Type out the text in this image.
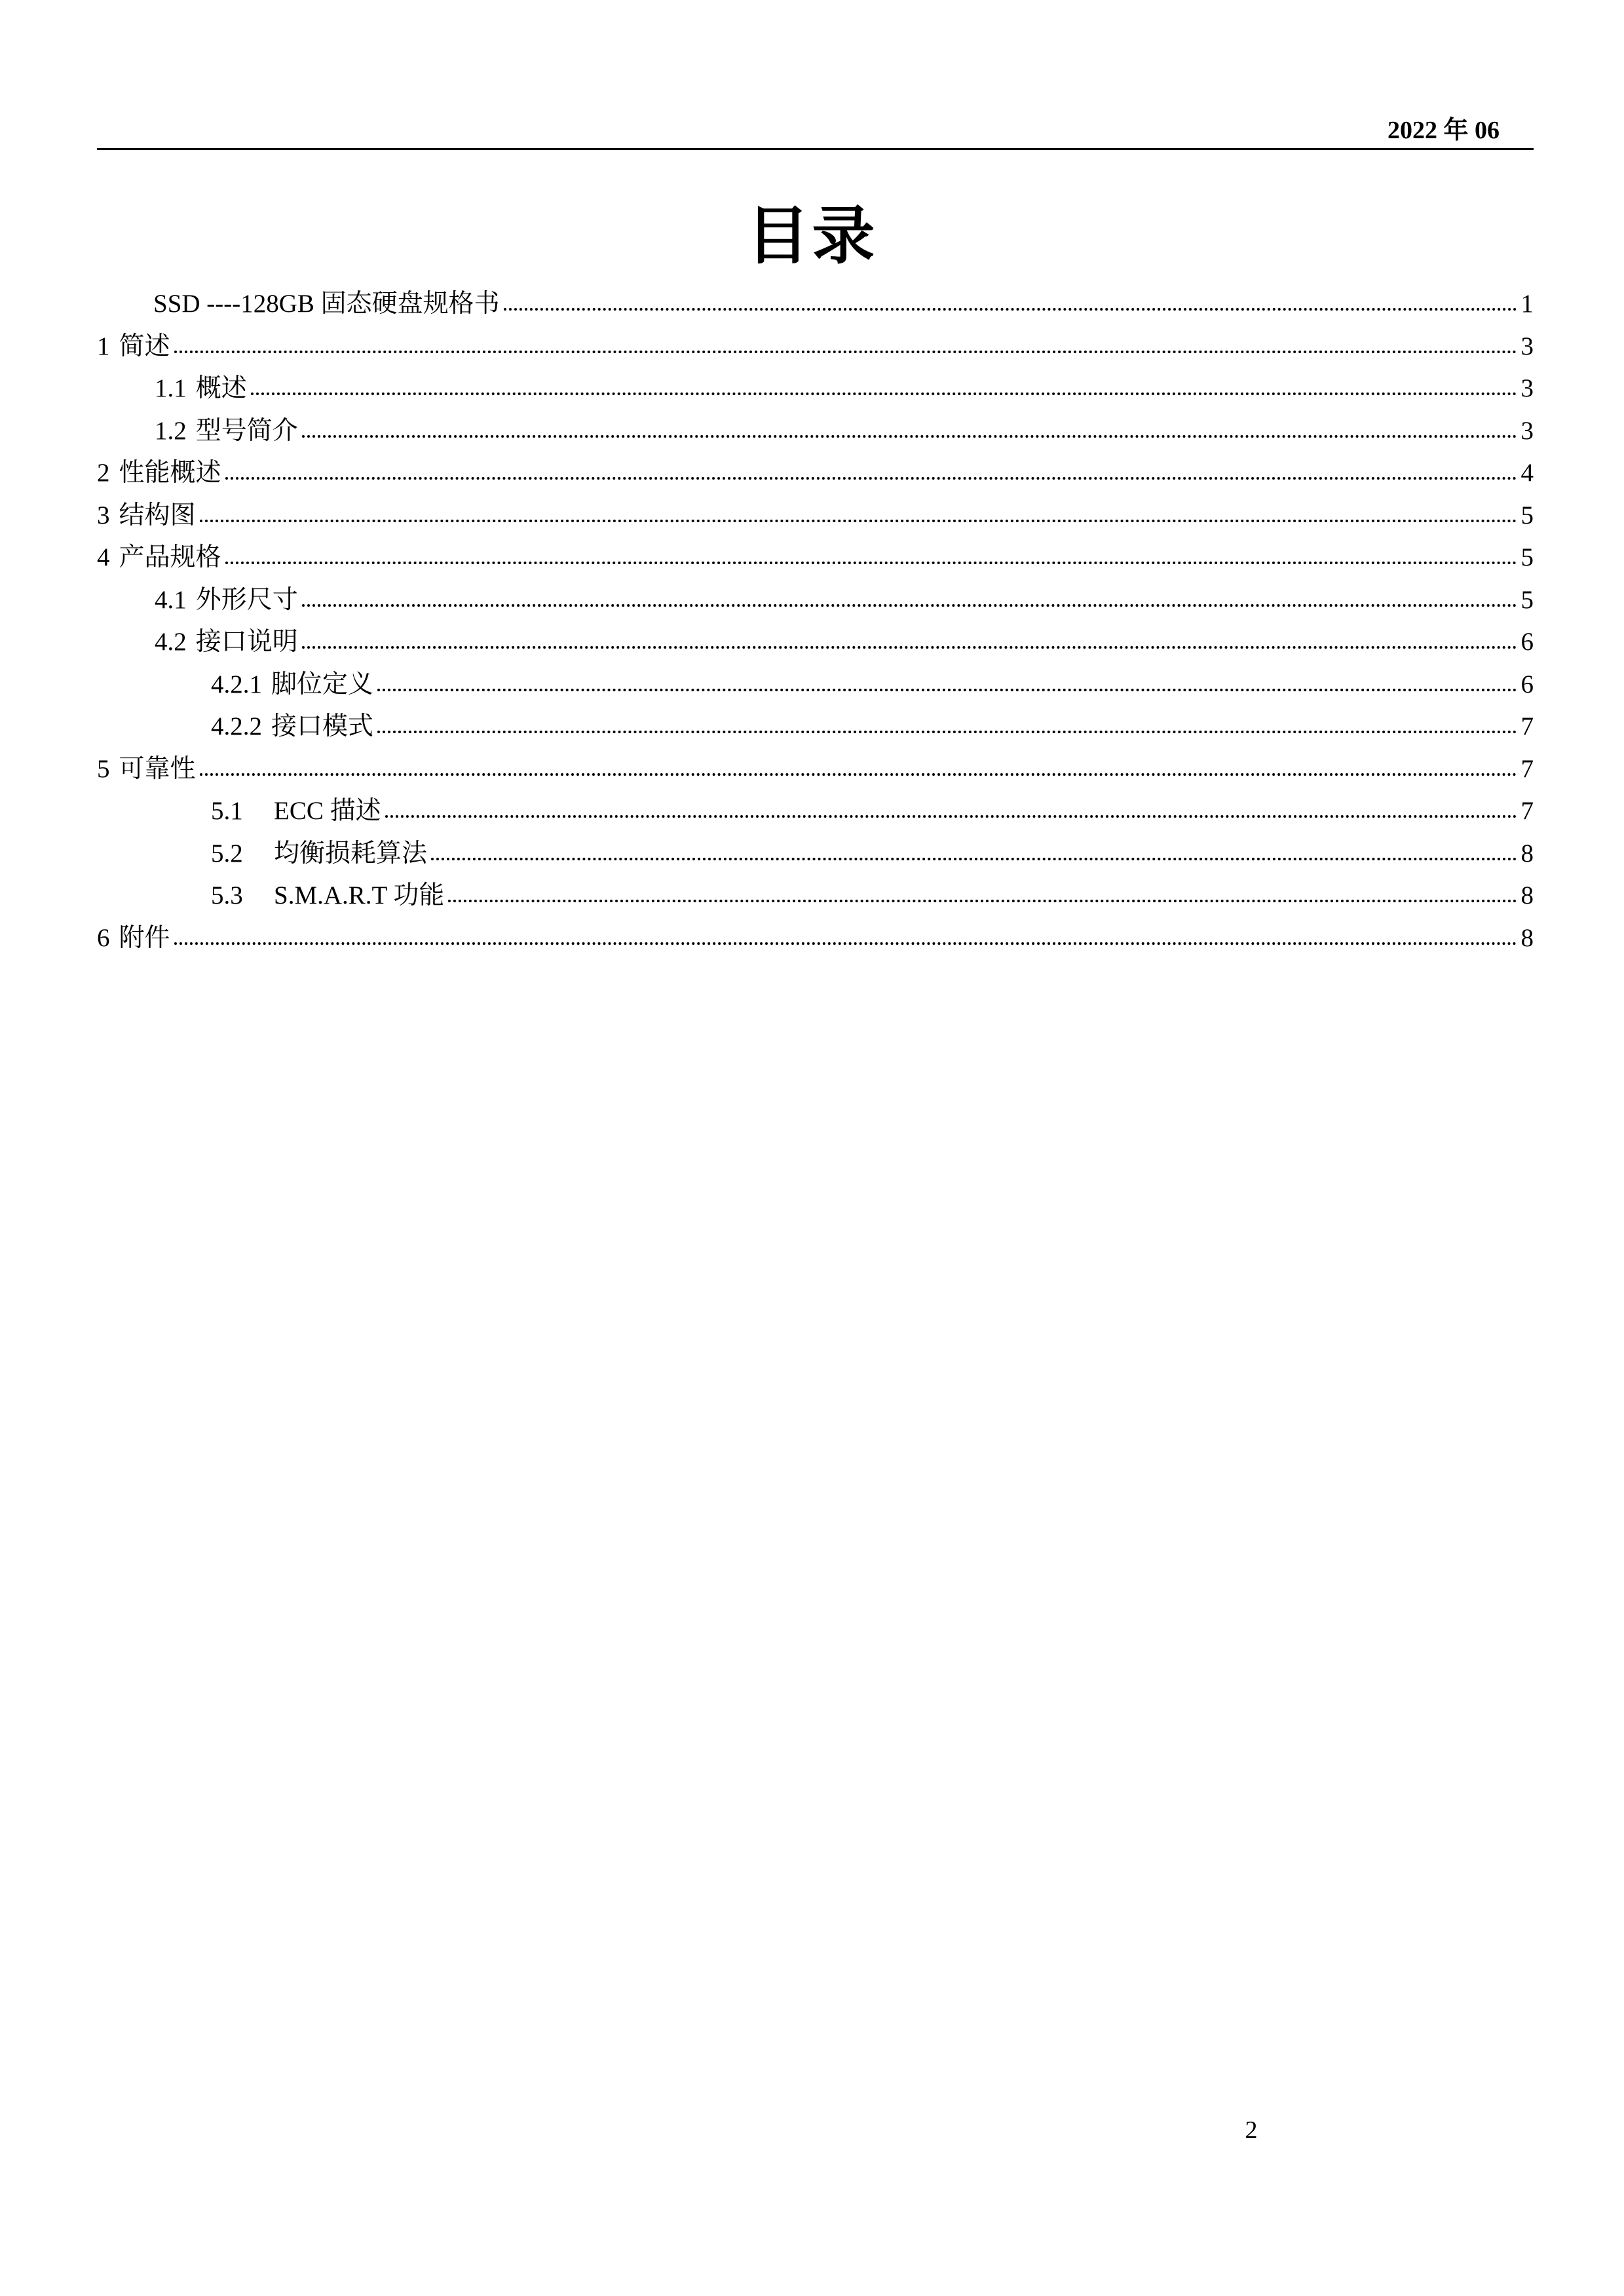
2022 年 06
目录
SSD ----128GB 固态硬盘规格书	1
1 简述	3
1.1 概述	3
1.2 型号简介	3
2 性能概述	4
3 结构图	5
4 产品规格	5
4.1 外形尺寸	5
4.2 接口说明	6
4.2.1 脚位定义	6
4.2.2 接口模式	7
5 可靠性	7
5.1	ECC 描述	7
5.2	均衡损耗算法	8
5.3	S.M.A.R.T 功能	8
6 附件	8
2
